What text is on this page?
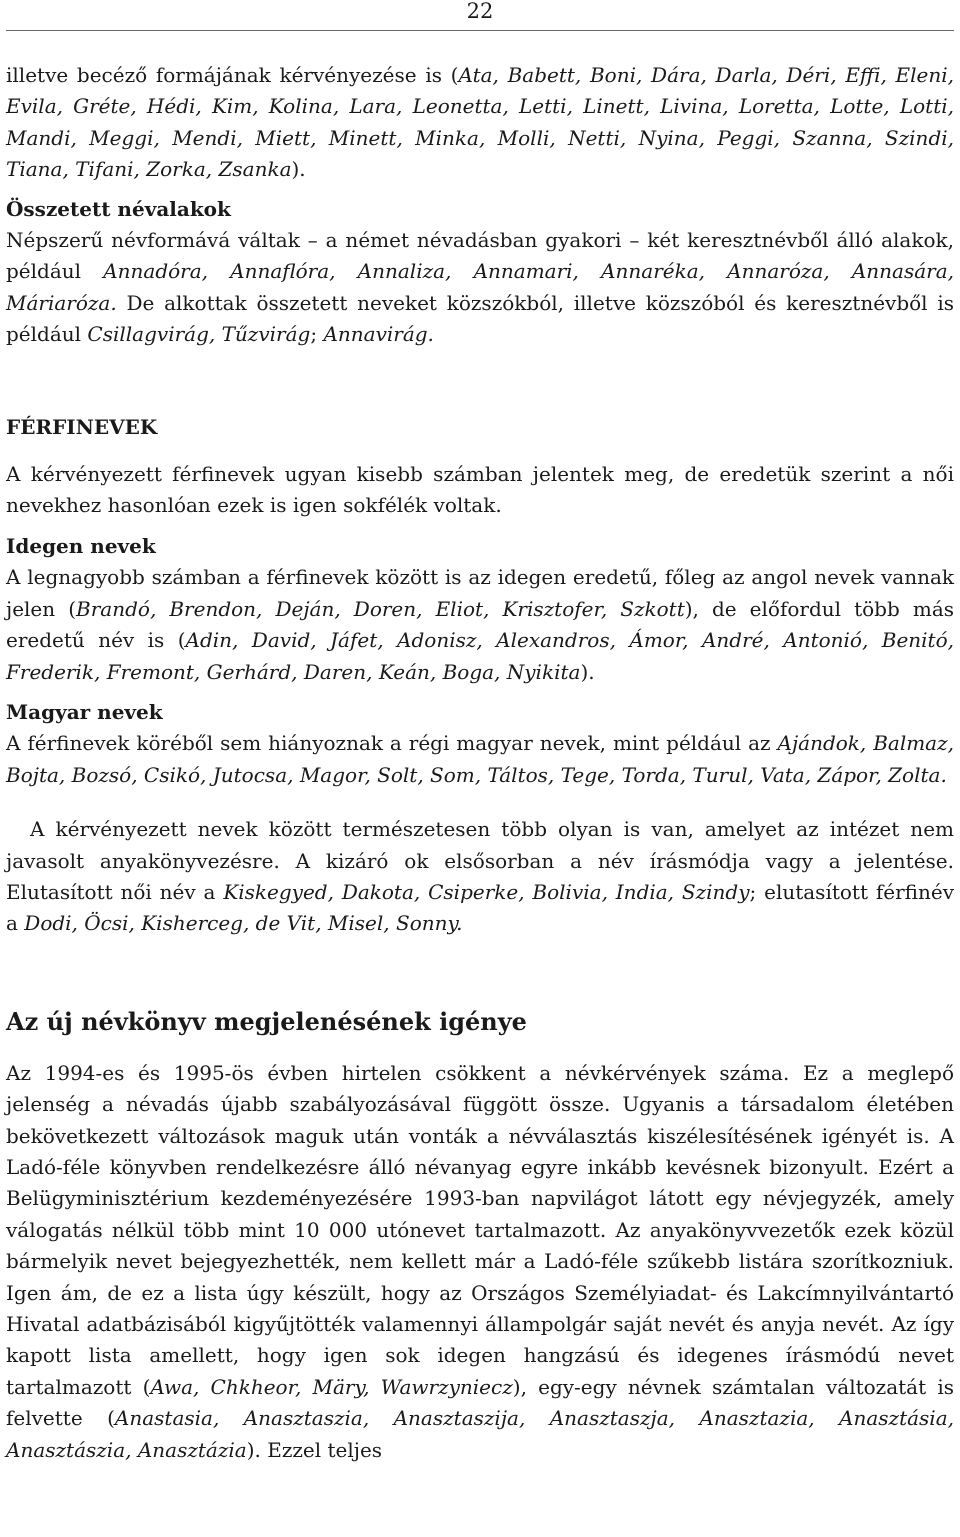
22

illetve becéző formájának kérvényezése is (Ata, Babett, Boni, Dára, Darla, Déri, Effi, Eleni, Evila, Gréte, Hédi, Kim, Kolina, Lara, Leonetta, Letti, Linett, Livina, Loretta, Lotte, Lotti, Mandi, Meggi, Mendi, Miett, Minett, Minka, Molli, Netti, Nyina, Peggi, Szanna, Szindi, Tiana, Tifani, Zorka, Zsanka).

Összetett névalakok

Népszerű névformává váltak – a német névadásban gyakori – két keresztnévből álló alakok, például Annadóra, Annaflóra, Annaliza, Annamari, Annaréka, Annaróza, Annasára, Máriaróza. De alkottak összetett neveket közszókból, illetve közszóból és keresztnévből is például Csillagvirág, Tűzvirág; Annavirág.

FÉRFINEVEK

A kérvényezett férfinevek ugyan kisebb számban jelentek meg, de eredetük szerint a női nevekhez hasonlóan ezek is igen sokfélék voltak.

Idegen nevek

A legnagyobb számban a férfinevek között is az idegen eredetű, főleg az angol nevek vannak jelen (Brandó, Brendon, Deján, Doren, Eliot, Krisztofer, Szkott), de előfordul több más eredetű név is (Adin, David, Jáfet, Adonisz, Alexandros, Ámor, André, Antonió, Benitó, Frederik, Fremont, Gerhárd, Daren, Keán, Boga, Nyikita).

Magyar nevek

A férfinevek köréből sem hiányoznak a régi magyar nevek, mint például az Ajándok, Balmaz, Bojta, Bozsó, Csikó, Jutocsa, Magor, Solt, Som, Táltos, Tege, Torda, Turul, Vata, Zápor, Zolta.

A kérvényezett nevek között természetesen több olyan is van, amelyet az intézet nem javasolt anyakönyvezésre. A kizáró ok elsősorban a név írásmódja vagy a jelentése. Elutasított női név a Kiskegyed, Dakota, Csiperke, Bolivia, India, Szindy; elutasított férfinév a Dodi, Öcsi, Kisherceg, de Vit, Misel, Sonny.

Az új névkönyv megjelenésének igénye

Az 1994-es és 1995-ös évben hirtelen csökkent a névkérvények száma. Ez a meglepő jelenség a névadás újabb szabályozásával függött össze. Ugyanis a társadalom életében bekövetkezett változások maguk után vonták a névválasztás kiszélesítésének igényét is. A Ladó-féle könyvben rendelkezésre álló névanyag egyre inkább kevésnek bizonyult. Ezért a Belügyminisztérium kezdeményezésére 1993-ban napvilágot látott egy névjegyzék, amely válogatás nélkül több mint 10 000 utónevet tartalmazott. Az anyakönyvvezetők ezek közül bármelyik nevet bejegyezhették, nem kellett már a Ladó-féle szűkebb listára szorítkozniuk. Igen ám, de ez a lista úgy készült, hogy az Országos Személyiadat- és Lakcímnyilvántartó Hivatal adatbázisából kigyűjtötték valamennyi állampolgár saját nevét és anyja nevét. Az így kapott lista amellett, hogy igen sok idegen hangzású és idegenes írásmódú nevet tartalmazott (Awa, Chkheor, Märy, Wawrzyniecz), egy-egy névnek számtalan változatát is felvette (Anastasia, Anasztaszia, Anasztaszija, Anasztaszja, Anasztazia, Anasztásia, Anasztászia, Anasztázia). Ezzel teljes
